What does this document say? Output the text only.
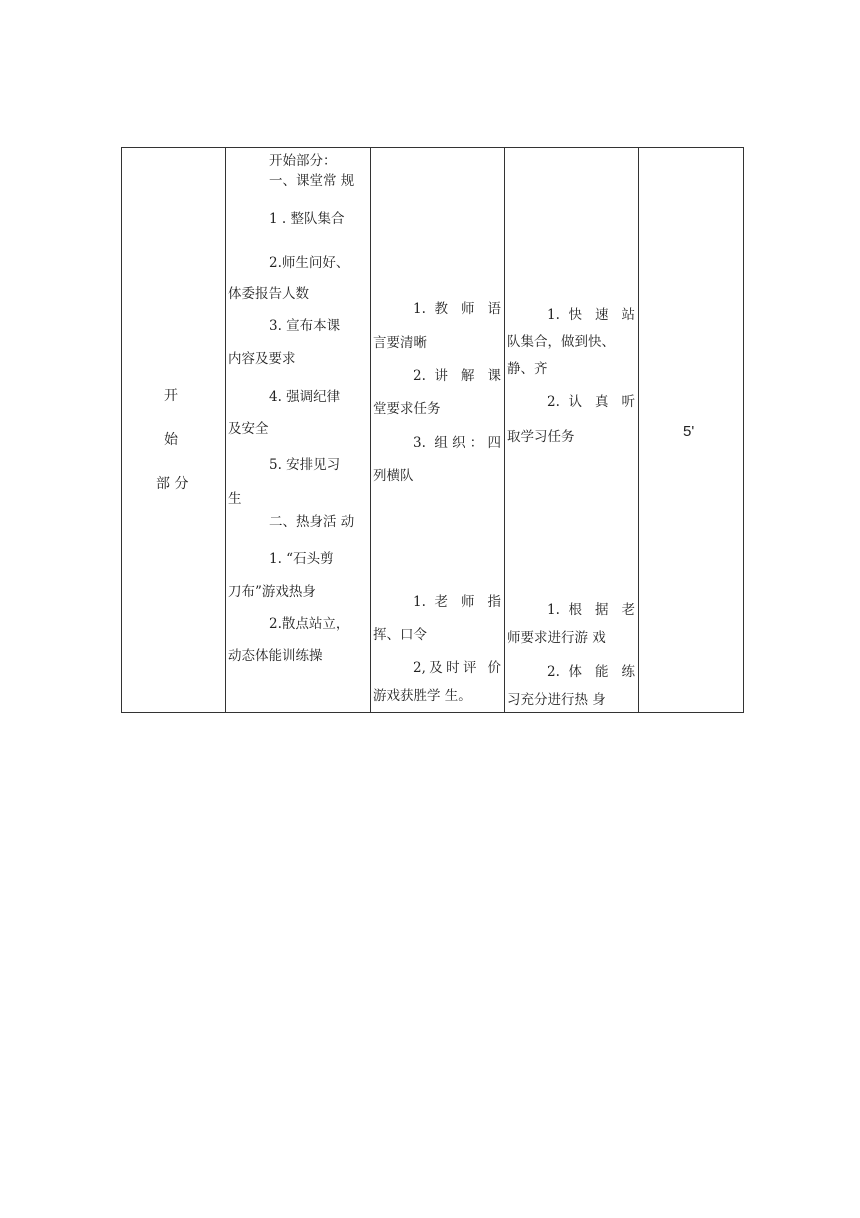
开
始
部 分

开始部分：
一、课堂常 规
1 . 整队集合
2.师生问好、
体委报告人数
3. 宣布本课
内容及要求
4. 强调纪律
及安全
5. 安排见习
生
二、热身活 动
1. “石头剪
刀布”游戏热身
2.散点站立，
动态体能训练操

1. 教 师 语
言要清晰
2. 讲 解 课
堂要求任务
3. 组织：四
列横队
1. 老 师 指
挥、口令
2,及时评 价
游戏获胜学 生。

1. 快 速 站
队集合，做到快、
静、齐
2. 认 真 听
取学习任务
1. 根 据 老
师要求进行游 戏
2. 体 能 练
习充分进行热 身

5'
